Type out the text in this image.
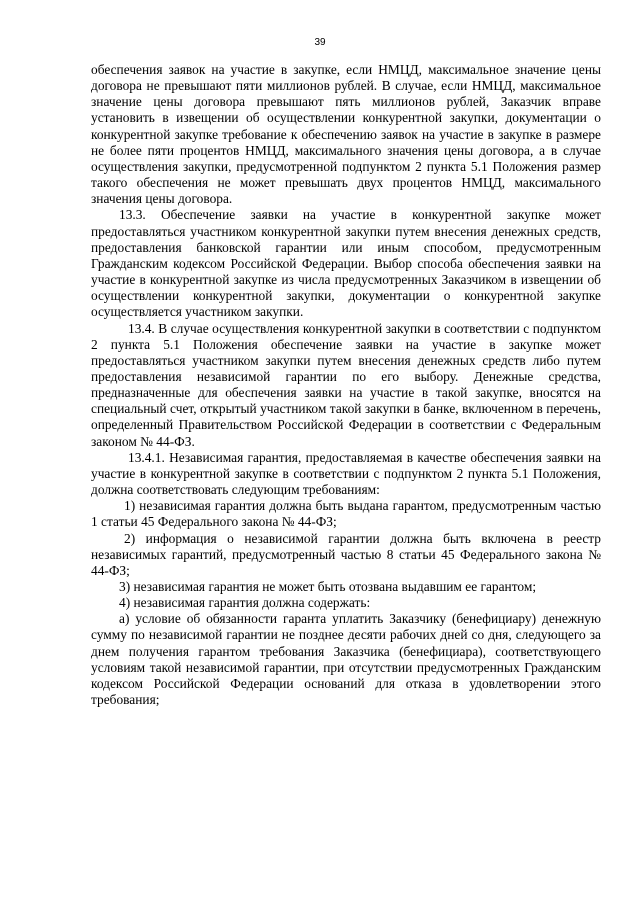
39

обеспечения заявок на участие в закупке, если НМЦД, максимальное значение цены договора не превышают пяти миллионов рублей. В случае, если НМЦД, максимальное значение цены договора превышают пять миллионов рублей, Заказчик вправе установить в извещении об осуществлении конкурентной закупки, документации о конкурентной закупке требование к обеспечению заявок на участие в закупке в размере не более пяти процентов НМЦД, максимального значения цены договора, а в случае осуществления закупки, предусмотренной подпунктом 2 пункта 5.1 Положения размер такого обеспечения не может превышать двух процентов НМЦД, максимального значения цены договора.

13.3. Обеспечение заявки на участие в конкурентной закупке может предоставляться участником конкурентной закупки путем внесения денежных средств, предоставления банковской гарантии или иным способом, предусмотренным Гражданским кодексом Российской Федерации. Выбор способа обеспечения заявки на участие в конкурентной закупке из числа предусмотренных Заказчиком в извещении об осуществлении конкурентной закупки, документации о конкурентной закупке осуществляется участником закупки.

13.4. В случае осуществления конкурентной закупки в соответствии с подпунктом 2 пункта 5.1 Положения обеспечение заявки на участие в закупке может предоставляться участником закупки путем внесения денежных средств либо путем предоставления независимой гарантии по его выбору. Денежные средства, предназначенные для обеспечения заявки на участие в такой закупке, вносятся на специальный счет, открытый участником такой закупки в банке, включенном в перечень, определенный Правительством Российской Федерации в соответствии с Федеральным законом № 44-ФЗ.

13.4.1. Независимая гарантия, предоставляемая в качестве обеспечения заявки на участие в конкурентной закупке в соответствии с подпунктом 2 пункта 5.1 Положения, должна соответствовать следующим требованиям:

1) независимая гарантия должна быть выдана гарантом, предусмотренным частью 1 статьи 45 Федерального закона № 44-ФЗ;

2) информация о независимой гарантии должна быть включена в реестр независимых гарантий, предусмотренный частью 8 статьи 45 Федерального закона № 44-ФЗ;

3) независимая гарантия не может быть отозвана выдавшим ее гарантом;

4) независимая гарантия должна содержать:

а) условие об обязанности гаранта уплатить Заказчику (бенефициару) денежную сумму по независимой гарантии не позднее десяти рабочих дней со дня, следующего за днем получения гарантом требования Заказчика (бенефициара), соответствующего условиям такой независимой гарантии, при отсутствии предусмотренных Гражданским кодексом Российской Федерации оснований для отказа в удовлетворении этого требования;
